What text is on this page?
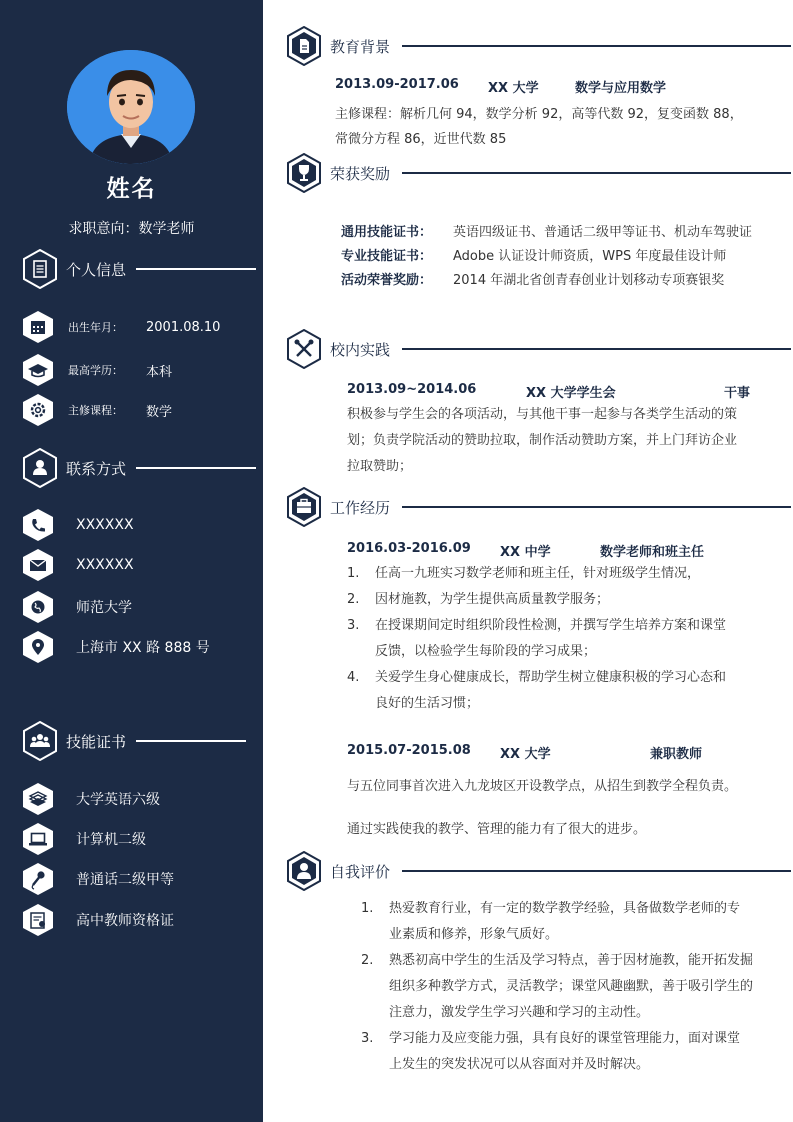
姓名
求职意向：数学老师
个人信息
出生年月：	2001.08.10
最高学历：	本科
主修课程：	数学
联系方式
XXXXXX
XXXXXX
师范大学
上海市 XX 路 888 号
技能证书
大学英语六级
计算机二级
普通话二级甲等
高中教师资格证
教育背景
2013.09-2017.06 XX 大学	数学与应用数学
主修课程：解析几何 94，数学分析 92，高等代数 92，复变函数 88，
常微分方程 86，近世代数 85
荣获奖励
通用技能证书： 英语四级证书、普通话二级甲等证书、机动车驾驶证
专业技能证书： Adobe 认证设计师资质，WPS 年度最佳设计师
活动荣誉奖励： 2014 年湖北省创青春创业计划移动专项赛银奖
校内实践
2013.09~2014.06	XX 大学学生会	干事
积极参与学生会的各项活动，与其他干事一起参与各类学生活动的策
划；负责学院活动的赞助拉取，制作活动赞助方案，并上门拜访企业
拉取赞助；
工作经历
2016.03-2016.09 XX 中学	数学老师和班主任
1.	任高一九班实习数学老师和班主任，针对班级学生情况，
2.	因材施教，为学生提供高质量教学服务；
3.	在授课期间定时组织阶段性检测，并撰写学生培养方案和课堂
反馈，以检验学生每阶段的学习成果；
4.	关爱学生身心健康成长，帮助学生树立健康积极的学习心态和
良好的生活习惯；
2015.07-2015.08 XX 大学	兼职教师
与五位同事首次进入九龙坡区开设教学点，从招生到教学全程负责。
通过实践使我的教学、管理的能力有了很大的进步。
自我评价
1.	热爱教育行业，有一定的数学教学经验，具备做数学老师的专
业素质和修养，形象气质好。
2.	熟悉初高中学生的生活及学习特点，善于因材施教，能开拓发掘
组织多种教学方式，灵活教学；课堂风趣幽默，善于吸引学生的
注意力，激发学生学习兴趣和学习的主动性。
3.	学习能力及应变能力强，具有良好的课堂管理能力，面对课堂
上发生的突发状况可以从容面对并及时解决。
